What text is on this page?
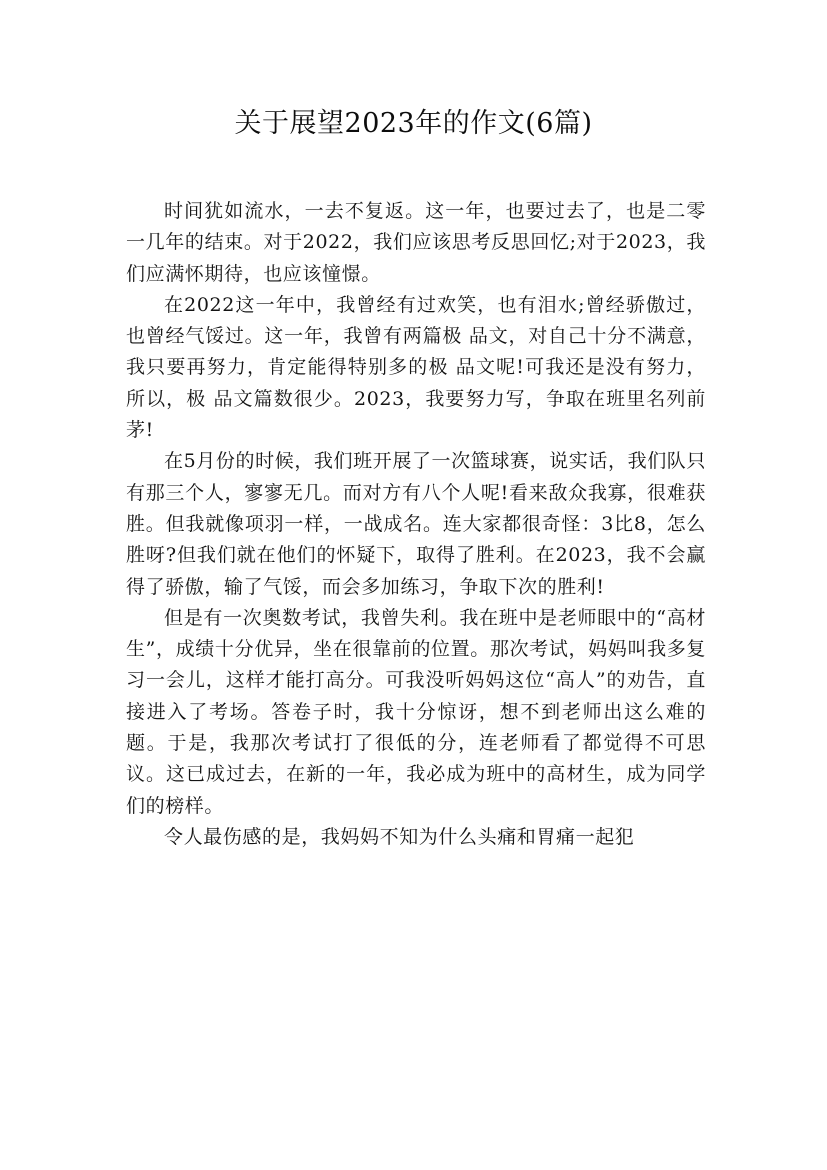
关于展望2023年的作文(6篇)

时间犹如流水，一去不复返。这一年，也要过去了，也是二零一几年的结束。对于2022，我们应该思考反思回忆;对于2023，我们应满怀期待，也应该憧憬。

在2022这一年中，我曾经有过欢笑，也有泪水;曾经骄傲过，也曾经气馁过。这一年，我曾有两篇极 品文，对自己十分不满意，我只要再努力，肯定能得特别多的极 品文呢!可我还是没有努力，所以，极 品文篇数很少。2023，我要努力写，争取在班里名列前茅!

在5月份的时候，我们班开展了一次篮球赛，说实话，我们队只有那三个人，寥寥无几。而对方有八个人呢!看来敌众我寡，很难获胜。但我就像项羽一样，一战成名。连大家都很奇怪：3比8，怎么胜呀?但我们就在他们的怀疑下，取得了胜利。在2023，我不会赢得了骄傲，输了气馁，而会多加练习，争取下次的胜利!

但是有一次奥数考试，我曾失利。我在班中是老师眼中的“高材生”，成绩十分优异，坐在很靠前的位置。那次考试，妈妈叫我多复习一会儿，这样才能打高分。可我没听妈妈这位“高人”的劝告，直接进入了考场。答卷子时，我十分惊讶，想不到老师出这么难的题。于是，我那次考试打了很低的分，连老师看了都觉得不可思议。这已成过去，在新的一年，我必成为班中的高材生，成为同学们的榜样。

令人最伤感的是，我妈妈不知为什么头痛和胃痛一起犯
